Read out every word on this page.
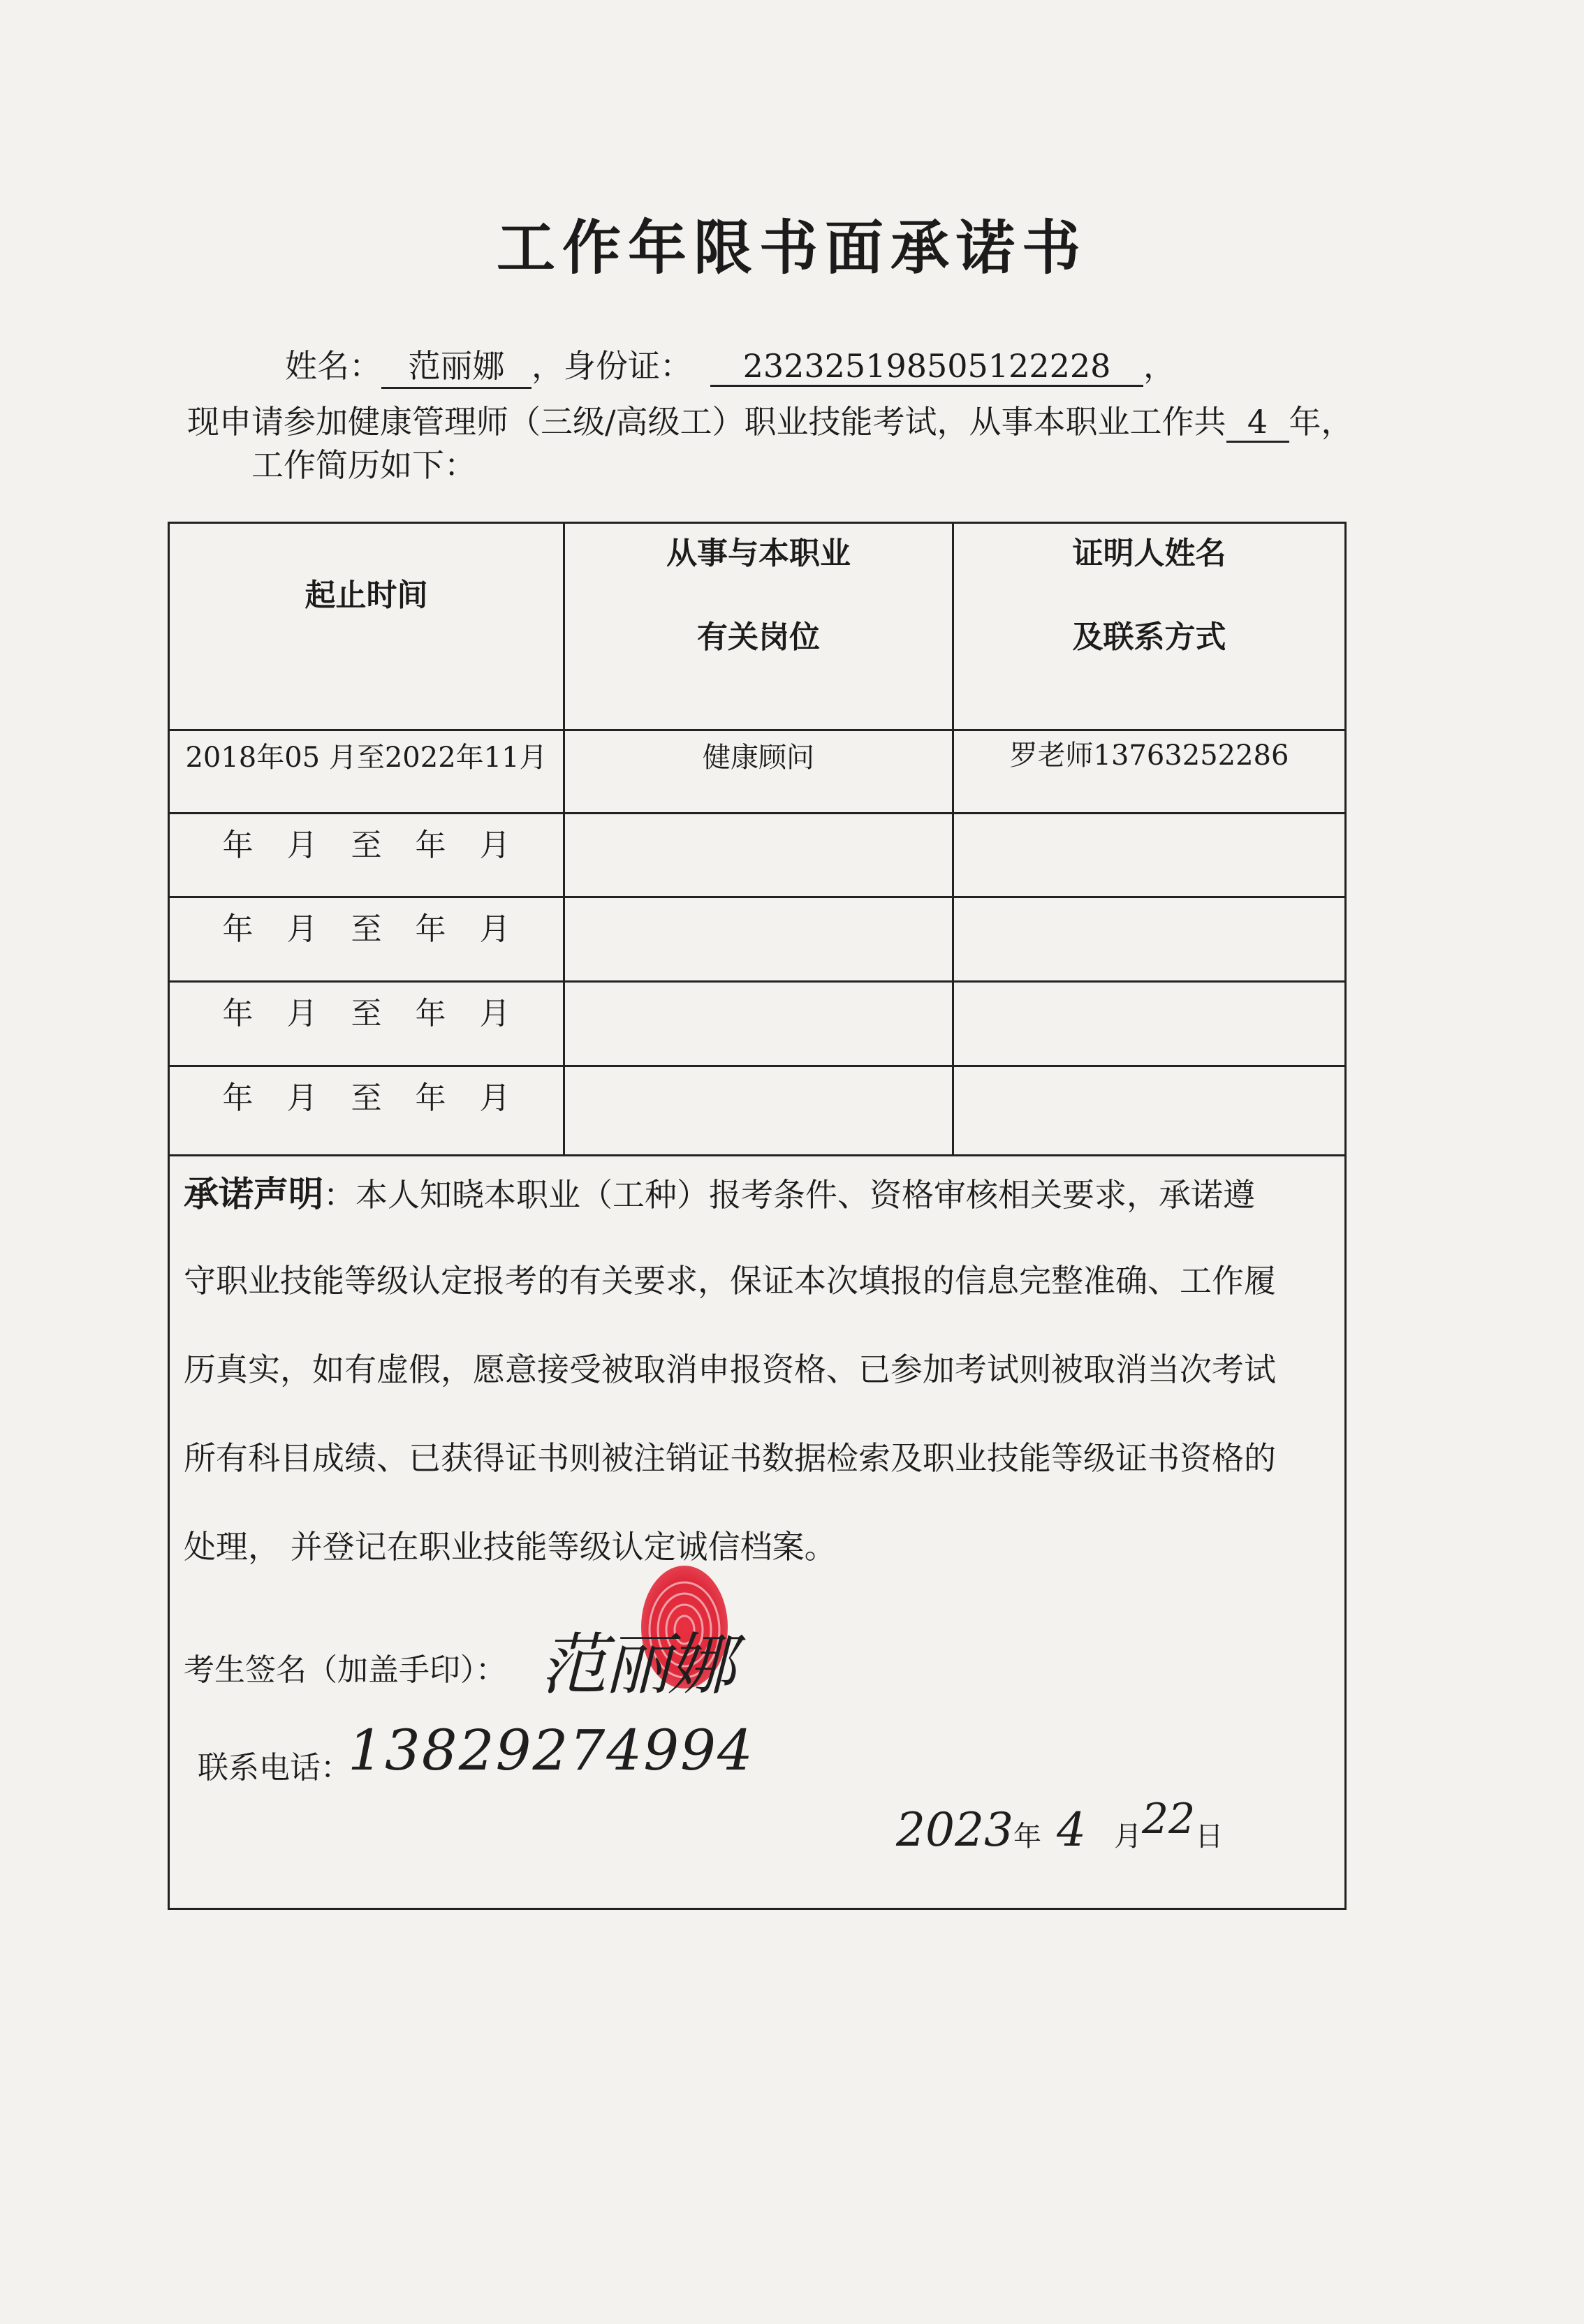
工作年限书面承诺书
姓名： 范丽娜 ，身份证： 232325198505122228 ，
现申请参加健康管理师（三级/高级工）职业技能考试，从事本职业工作共 4 年，
工作简历如下：
起止时间
从事与本职业
有关岗位
证明人姓名
及联系方式
2018年05 月至2022年11月	健康顾问	罗老师13763252286
年 月 至 年 月
年 月 至 年 月
年 月 至 年 月
年 月 至 年 月
承诺声明：本人知晓本职业（工种）报考条件、资格审核相关要求，承诺遵
守职业技能等级认定报考的有关要求，保证本次填报的信息完整准确、工作履
历真实，如有虚假，愿意接受被取消申报资格、已参加考试则被取消当次考试
所有科目成绩、已获得证书则被注销证书数据检索及职业技能等级证书资格的
处理， 并登记在职业技能等级认定诚信档案。
考生签名（加盖手印）： 范丽娜
联系电话：
13829274994
2023年 4 月22日
